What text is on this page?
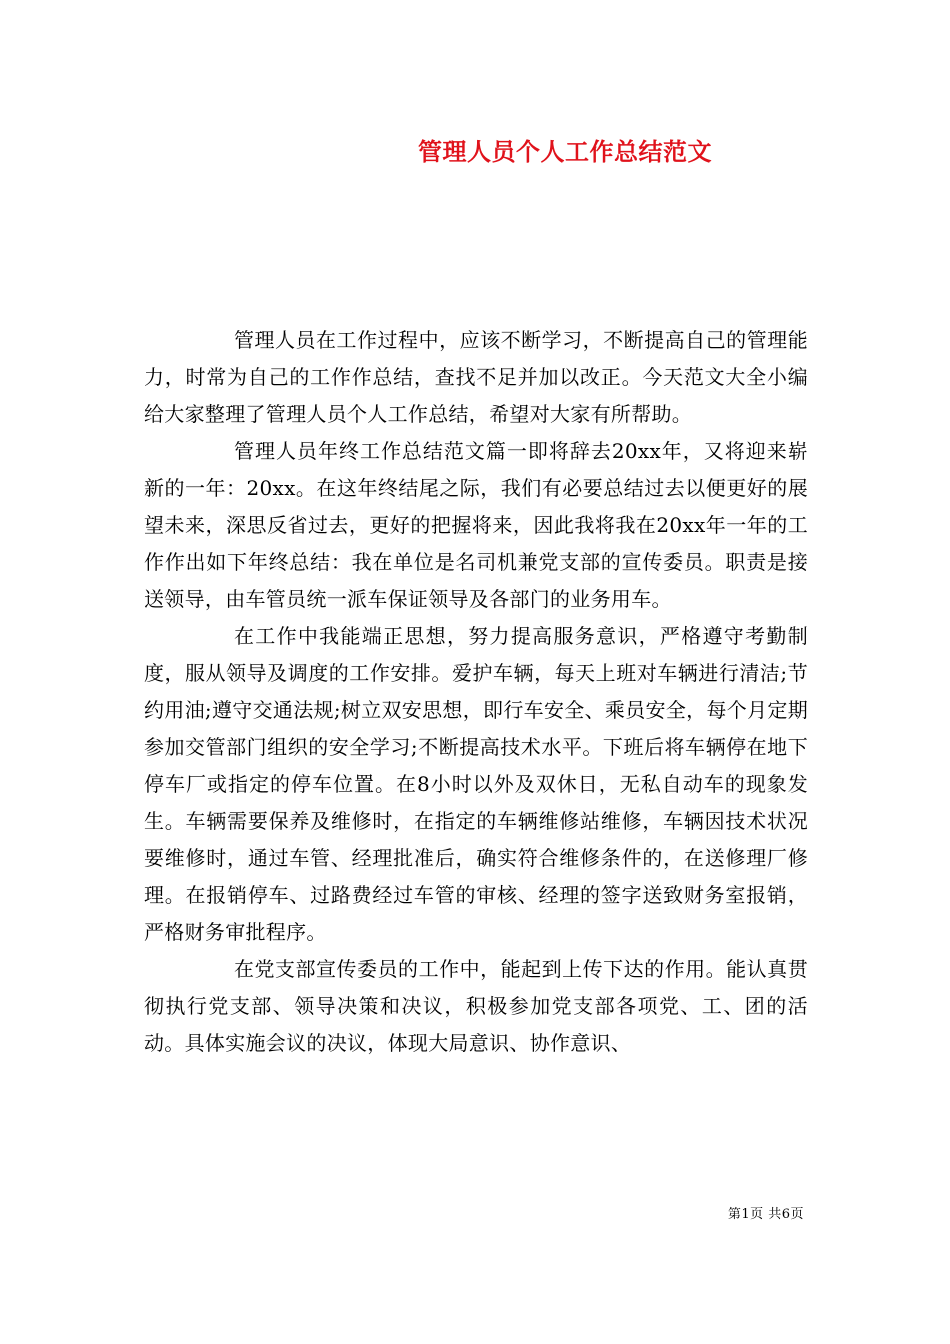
管理人员个人工作总结范文

管理人员在工作过程中，应该不断学习，不断提高自己的管理能力，时常为自己的工作作总结，查找不足并加以改正。今天范文大全小编给大家整理了管理人员个人工作总结，希望对大家有所帮助。

管理人员年终工作总结范文篇一即将辞去20xx年，又将迎来崭新的一年：20xx。在这年终结尾之际，我们有必要总结过去以便更好的展望未来，深思反省过去，更好的把握将来，因此我将我在20xx年一年的工作作出如下年终总结：我在单位是名司机兼党支部的宣传委员。职责是接送领导，由车管员统一派车保证领导及各部门的业务用车。

在工作中我能端正思想，努力提高服务意识，严格遵守考勤制度，服从领导及调度的工作安排。爱护车辆，每天上班对车辆进行清洁;节约用油;遵守交通法规;树立双安思想，即行车安全、乘员安全，每个月定期参加交管部门组织的安全学习;不断提高技术水平。下班后将车辆停在地下停车厂或指定的停车位置。在8小时以外及双休日，无私自动车的现象发生。车辆需要保养及维修时，在指定的车辆维修站维修，车辆因技术状况要维修时，通过车管、经理批准后，确实符合维修条件的，在送修理厂修理。在报销停车、过路费经过车管的审核、经理的签字送致财务室报销，严格财务审批程序。

在党支部宣传委员的工作中，能起到上传下达的作用。能认真贯彻执行党支部、领导决策和决议，积极参加党支部各项党、工、团的活动。具体实施会议的决议，体现大局意识、协作意识、

第1页 共6页
